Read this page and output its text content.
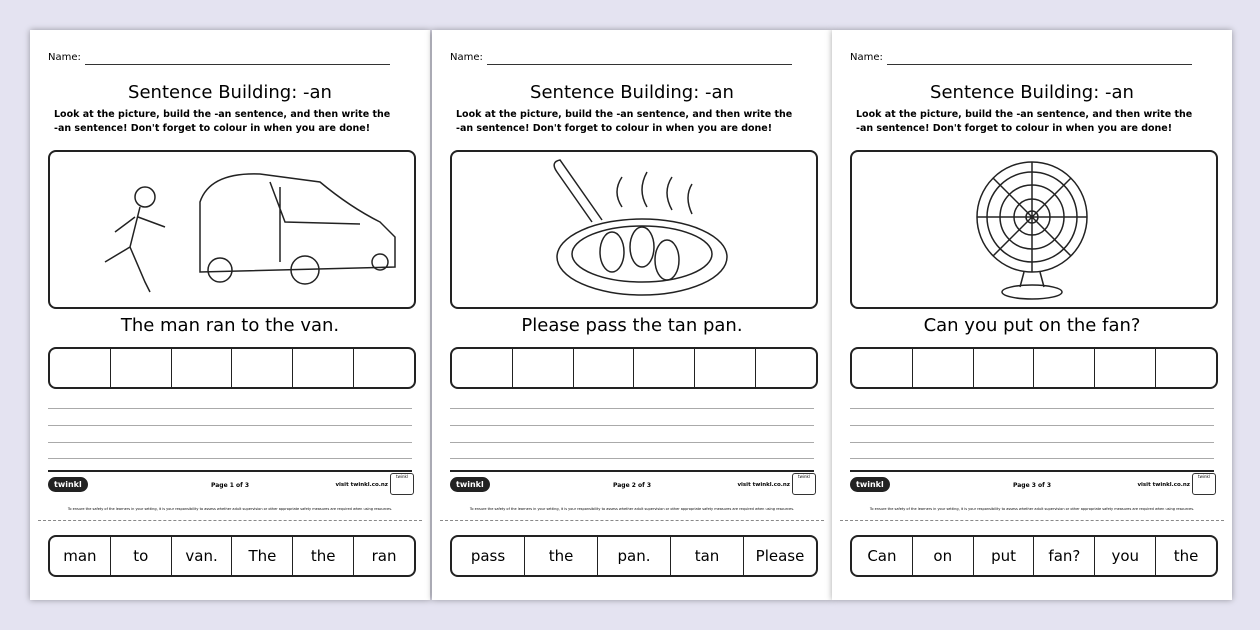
Name:
Sentence Building: -an
Look at the picture, build the -an sentence, and then write the -an sentence! Don't forget to colour in when you are done!
The man ran to the van.
twinkl	Page 1 of 3	visit twinkl.co.nz
twinkl
To ensure the safety of the learners in your setting, it is your responsibility to assess whether adult supervision or other appropriate safety measures are required when using resources.
man	to	van.	The	the	ran
Name:
Sentence Building: -an
Look at the picture, build the -an sentence, and then write the -an sentence! Don't forget to colour in when you are done!
Please pass the tan pan.
twinkl	Page 2 of 3	visit twinkl.co.nz
twinkl
To ensure the safety of the learners in your setting, it is your responsibility to assess whether adult supervision or other appropriate safety measures are required when using resources.
pass	the	pan.	tan	Please
Name:
Sentence Building: -an
Look at the picture, build the -an sentence, and then write the -an sentence! Don't forget to colour in when you are done!
Can you put on the fan?
twinkl	Page 3 of 3	visit twinkl.co.nz
twinkl
To ensure the safety of the learners in your setting, it is your responsibility to assess whether adult supervision or other appropriate safety measures are required when using resources.
Can	on	put	fan?	you	the
